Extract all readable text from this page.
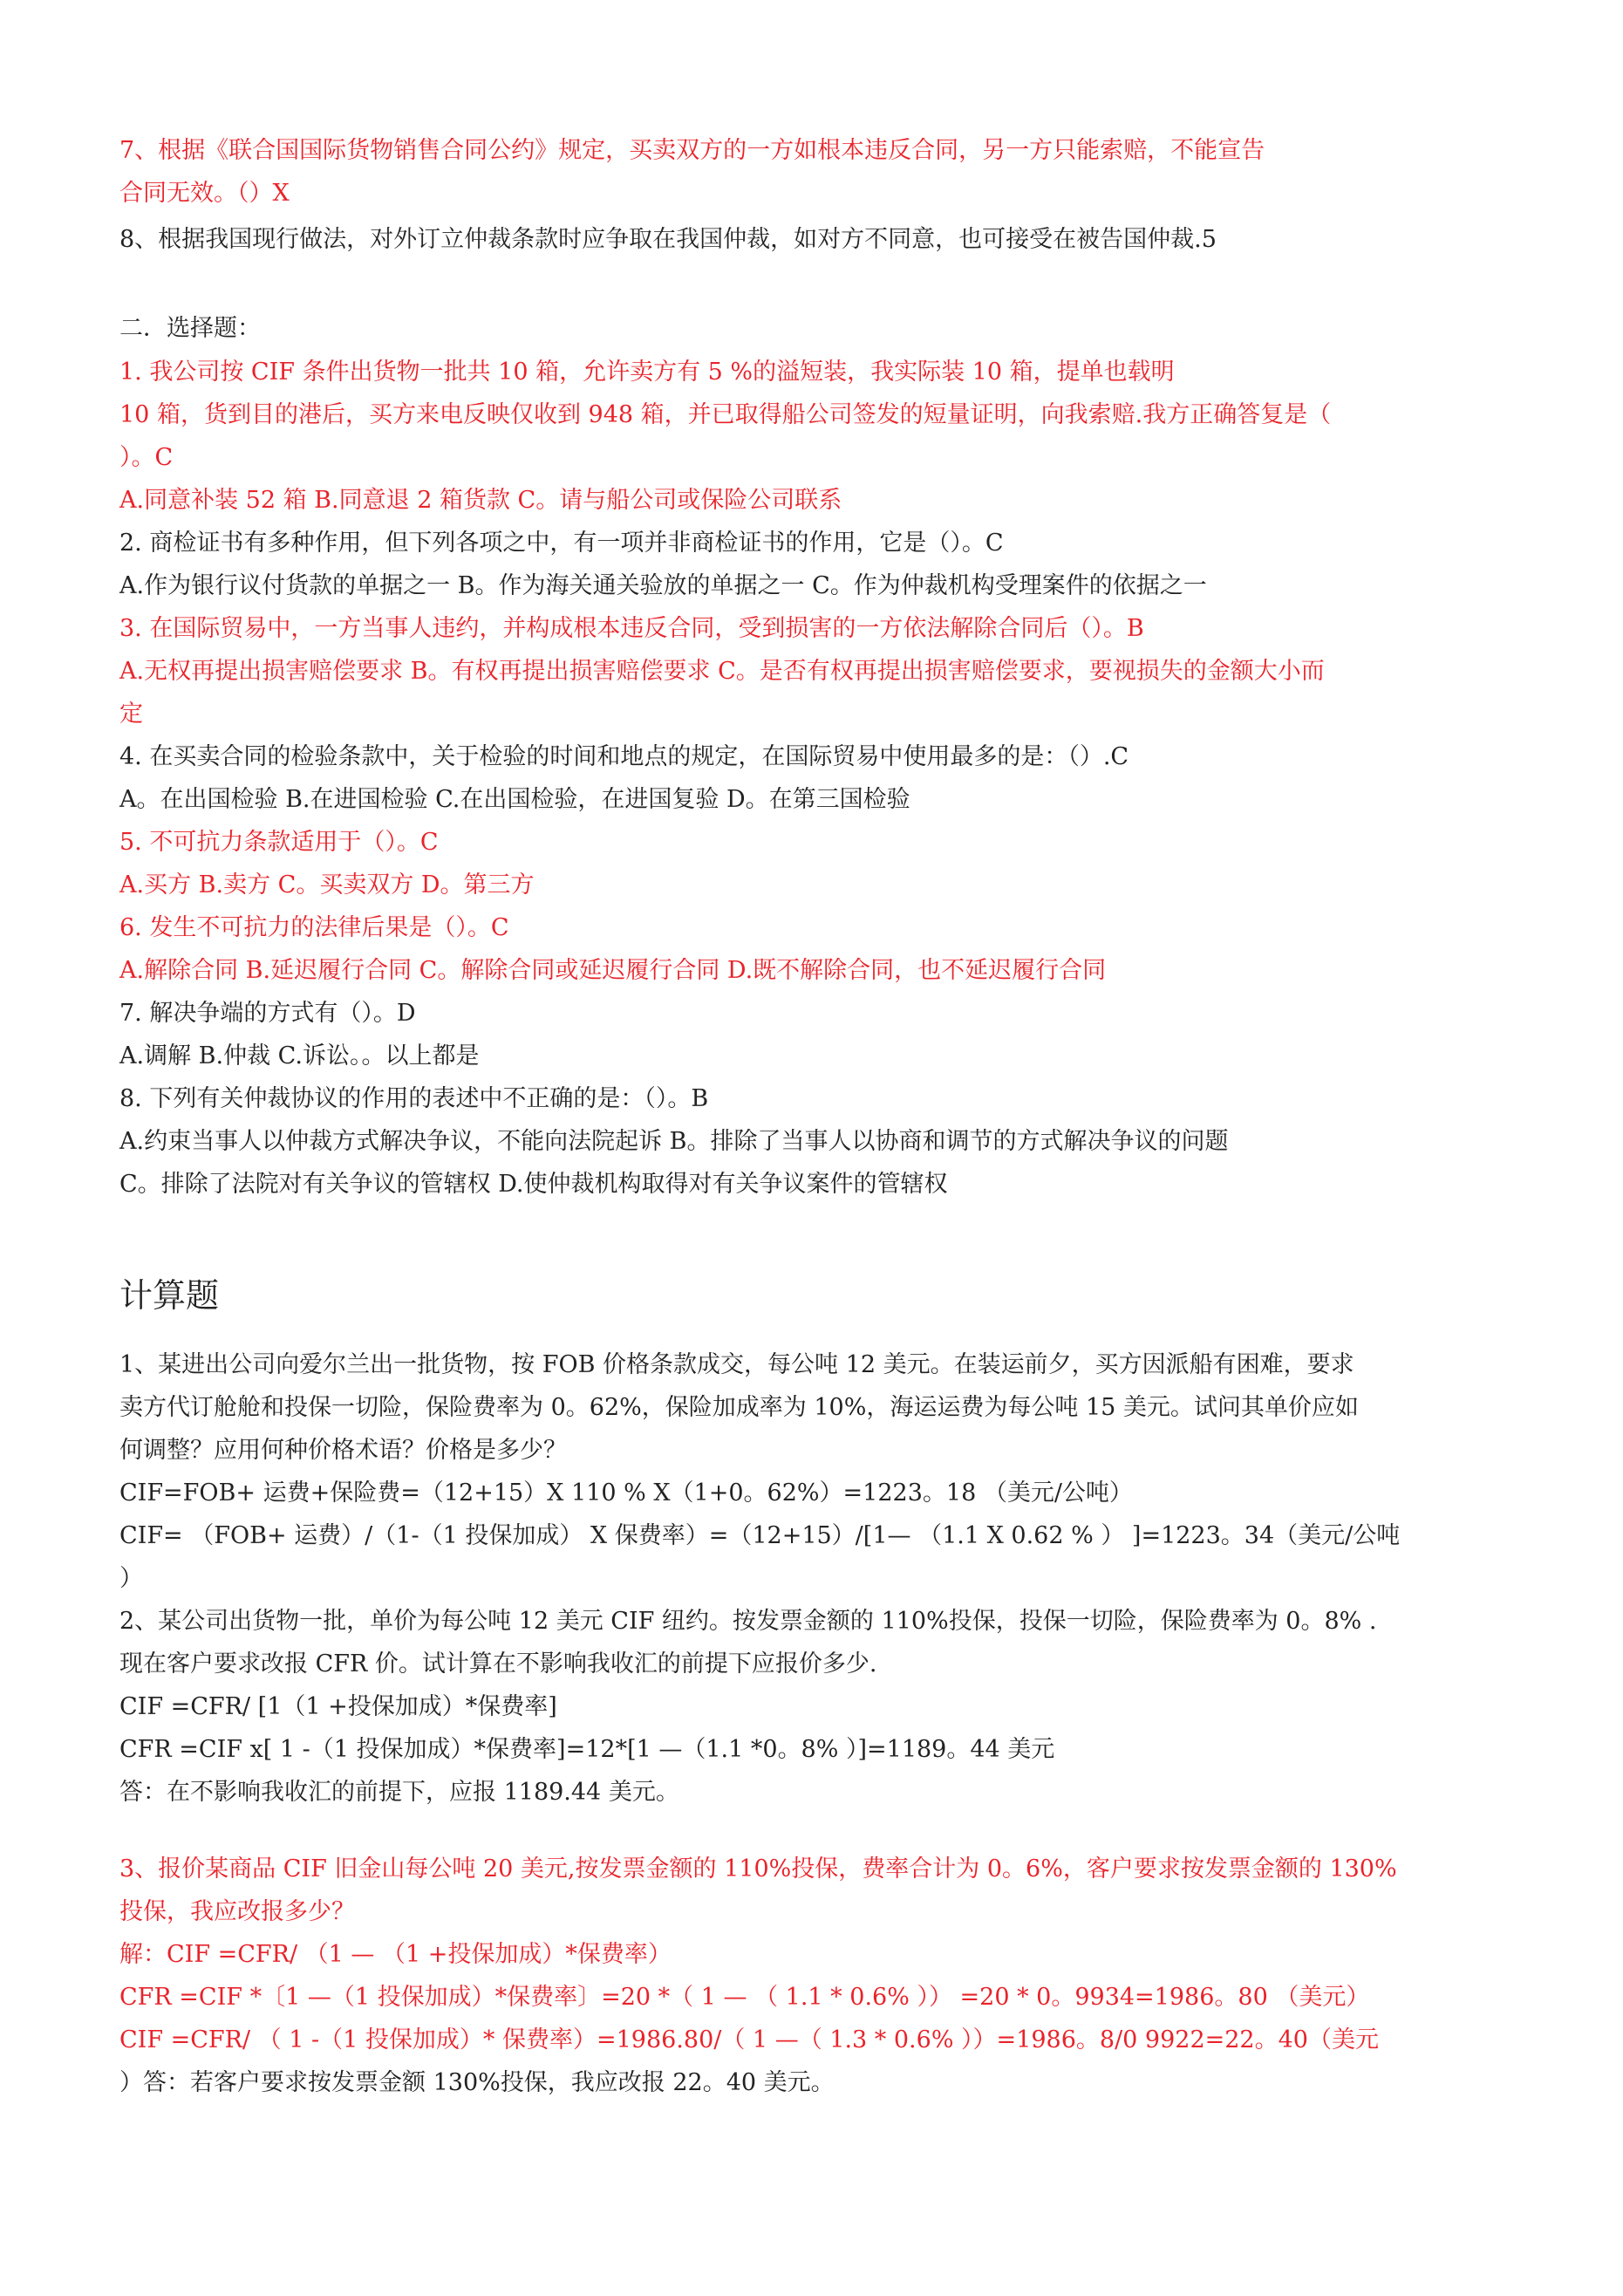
7、根据《联合国国际货物销售合同公约》规定，买卖双方的一方如根本违反合同，另一方只能索赔，不能宣告
合同无效。（）X
8、根据我国现行做法，对外订立仲裁条款时应争取在我国仲裁，如对方不同意，也可接受在被告国仲裁.5
二．选择题：
1. 我公司按 CIF 条件出货物一批共 10 箱，允许卖方有 5 %的溢短装，我实际装 10 箱，提单也载明
10 箱，货到目的港后，买方来电反映仅收到 948 箱，并已取得船公司签发的短量证明，向我索赔.我方正确答复是（
）。C
A.同意补装 52 箱 B.同意退 2 箱货款 C。请与船公司或保险公司联系
2. 商检证书有多种作用，但下列各项之中，有一项并非商检证书的作用，它是（）。C
A.作为银行议付货款的单据之一 B。作为海关通关验放的单据之一 C。作为仲裁机构受理案件的依据之一
3. 在国际贸易中，一方当事人违约，并构成根本违反合同，受到损害的一方依法解除合同后（）。B
A.无权再提出损害赔偿要求 B。有权再提出损害赔偿要求 C。是否有权再提出损害赔偿要求，要视损失的金额大小而
定
4. 在买卖合同的检验条款中，关于检验的时间和地点的规定，在国际贸易中使用最多的是：（）.C
A。在出国检验 B.在进国检验 C.在出国检验，在进国复验 D。在第三国检验
5. 不可抗力条款适用于（）。C
A.买方 B.卖方 C。买卖双方 D。第三方
6. 发生不可抗力的法律后果是（）。C
A.解除合同 B.延迟履行合同 C。解除合同或延迟履行合同 D.既不解除合同，也不延迟履行合同
7. 解决争端的方式有（）。D
A.调解 B.仲裁 C.诉讼。。以上都是
8. 下列有关仲裁协议的作用的表述中不正确的是：（）。B
A.约束当事人以仲裁方式解决争议，不能向法院起诉 B。排除了当事人以协商和调节的方式解决争议的问题
C。排除了法院对有关争议的管辖权 D.使仲裁机构取得对有关争议案件的管辖权
计算题
1、某进出公司向爱尔兰出一批货物，按 FOB 价格条款成交，每公吨 12 美元。在装运前夕，买方因派船有困难，要求
卖方代订舱舱和投保一切险，保险费率为 0。62%，保险加成率为 10%，海运运费为每公吨 15 美元。试问其单价应如
何调整？应用何种价格术语？价格是多少？
CIF=FOB+ 运费+保险费=（12+15）X 110 % X（1+0。62%）=1223。18 （美元/公吨）
CIF= （FOB+ 运费）/（1-（1 投保加成） X 保费率）=（12+15）/[1— （1.1 X 0.62 % ） ]=1223。34（美元/公吨
）
2、某公司出货物一批，单价为每公吨 12 美元 CIF 纽约。按发票金额的 110%投保，投保一切险，保险费率为 0。8% .
现在客户要求改报 CFR 价。试计算在不影响我收汇的前提下应报价多少.
CIF =CFR/ [1（1 +投保加成）*保费率]
CFR =CIF x[ 1 -（1 投保加成）*保费率]=12*[1 —（1.1 *0。8% ）]=1189。44 美元
答：在不影响我收汇的前提下，应报 1189.44 美元。
3、报价某商品 CIF 旧金山每公吨 20 美元,按发票金额的 110%投保，费率合计为 0。6%，客户要求按发票金额的 130%
投保，我应改报多少？
解：CIF =CFR/ （1 — （1 +投保加成）*保费率）
CFR =CIF *〔1 —（1 投保加成）*保费率〕=20 *（ 1 — （ 1.1 * 0.6% ）） =20 * 0。9934=1986。80 （美元）
CIF =CFR/ （ 1 -（1 投保加成）* 保费率）=1986.80/（ 1 —（ 1.3 * 0.6% ））=1986。8/0 9922=22。40（美元
）答：若客户要求按发票金额 130%投保，我应改报 22。40 美元。
